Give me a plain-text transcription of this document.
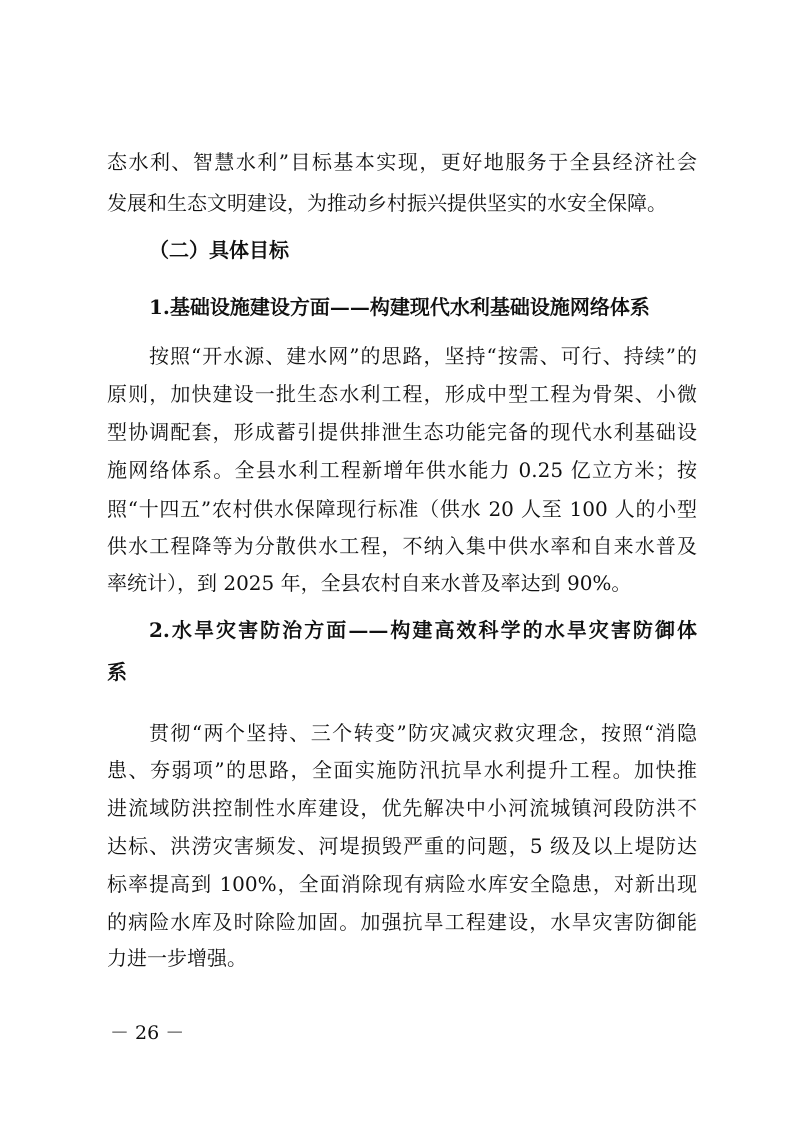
态水利、智慧水利”目标基本实现，更好地服务于全县经济社会
发展和生态文明建设，为推动乡村振兴提供坚实的水安全保障。
（二）具体目标
1.基础设施建设方面——构建现代水利基础设施网络体系
按照“开水源、建水网”的思路，坚持“按需、可行、持续”的
原则，加快建设一批生态水利工程，形成中型工程为骨架、小微
型协调配套，形成蓄引提供排泄生态功能完备的现代水利基础设
施网络体系。全县水利工程新增年供水能力 0.25 亿立方米；按
照“十四五”农村供水保障现行标准（供水 20 人至 100 人的小型
供水工程降等为分散供水工程，不纳入集中供水率和自来水普及
率统计），到 2025 年，全县农村自来水普及率达到 90%。
2.水旱灾害防治方面——构建高效科学的水旱灾害防御体
系
贯彻“两个坚持、三个转变”防灾减灾救灾理念，按照“消隐
患、夯弱项”的思路，全面实施防汛抗旱水利提升工程。加快推
进流域防洪控制性水库建设，优先解决中小河流城镇河段防洪不
达标、洪涝灾害频发、河堤损毁严重的问题，5 级及以上堤防达
标率提高到 100%，全面消除现有病险水库安全隐患，对新出现
的病险水库及时除险加固。加强抗旱工程建设，水旱灾害防御能
力进一步增强。
－ 26 －
